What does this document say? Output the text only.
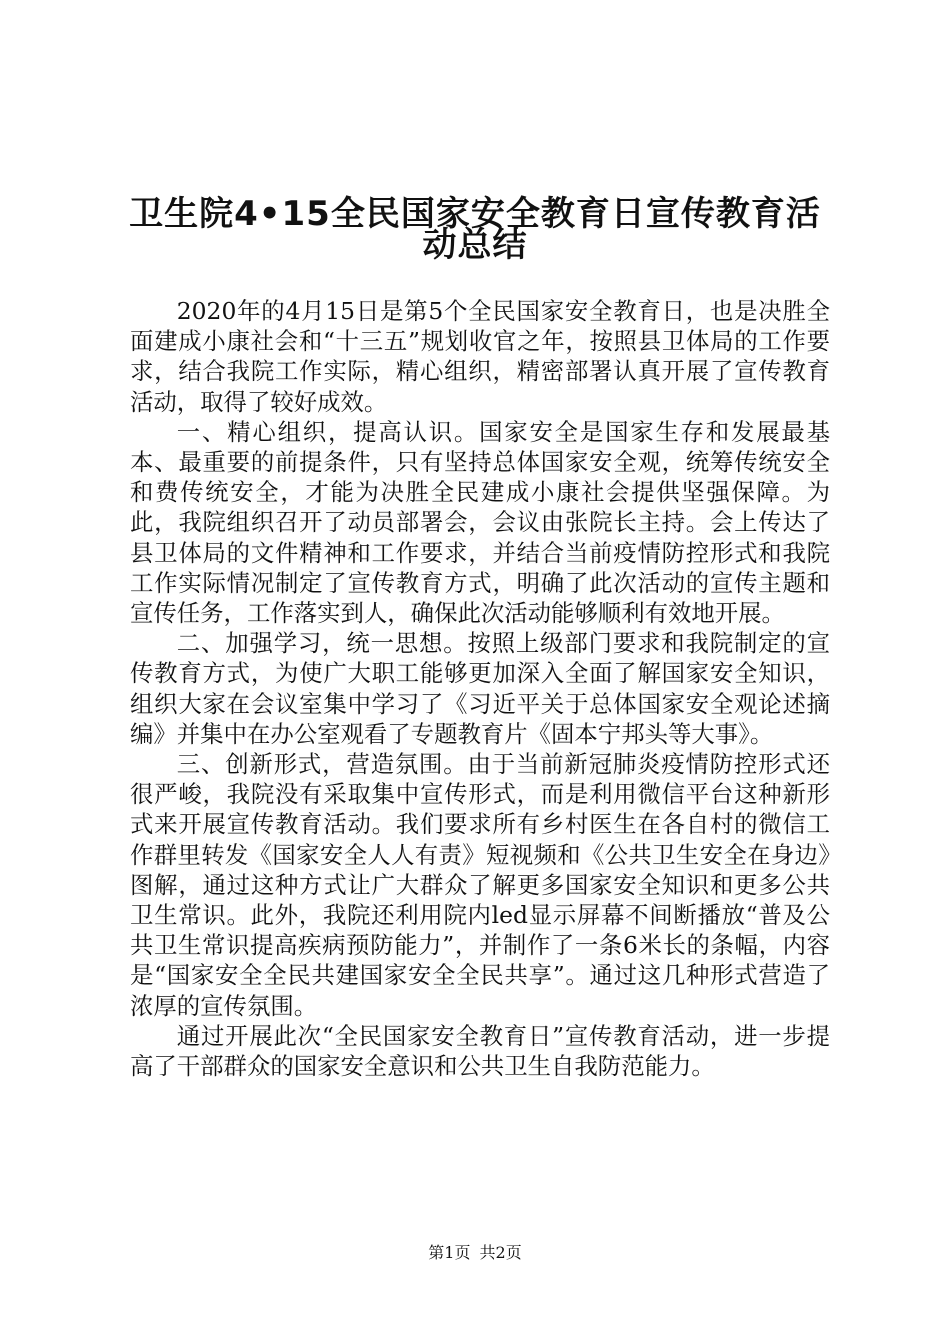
卫生院4•15全民国家安全教育日宣传教育活
动总结

2020年的4月15日是第5个全民国家安全教育日，也是决胜全面建成小康社会和“十三五”规划收官之年，按照县卫体局的工作要求，结合我院工作实际，精心组织，精密部署认真开展了宣传教育活动，取得了较好成效。

一、精心组织，提高认识。国家安全是国家生存和发展最基本、最重要的前提条件，只有坚持总体国家安全观，统筹传统安全和费传统安全，才能为决胜全民建成小康社会提供坚强保障。为此，我院组织召开了动员部署会，会议由张院长主持。会上传达了县卫体局的文件精神和工作要求，并结合当前疫情防控形式和我院工作实际情况制定了宣传教育方式，明确了此次活动的宣传主题和宣传任务，工作落实到人，确保此次活动能够顺利有效地开展。

二、加强学习，统一思想。按照上级部门要求和我院制定的宣传教育方式，为使广大职工能够更加深入全面了解国家安全知识，组织大家在会议室集中学习了《习近平关于总体国家安全观论述摘编》并集中在办公室观看了专题教育片《固本宁邦头等大事》。

三、创新形式，营造氛围。由于当前新冠肺炎疫情防控形式还很严峻，我院没有采取集中宣传形式，而是利用微信平台这种新形式来开展宣传教育活动。我们要求所有乡村医生在各自村的微信工作群里转发《国家安全人人有责》短视频和《公共卫生安全在身边》图解，通过这种方式让广大群众了解更多国家安全知识和更多公共卫生常识。此外，我院还利用院内led显示屏幕不间断播放“普及公共卫生常识提高疾病预防能力”，并制作了一条6米长的条幅，内容是“国家安全全民共建国家安全全民共享”。通过这几种形式营造了浓厚的宣传氛围。

通过开展此次“全民国家安全教育日”宣传教育活动，进一步提高了干部群众的国家安全意识和公共卫生自我防范能力。

第1页 共2页
